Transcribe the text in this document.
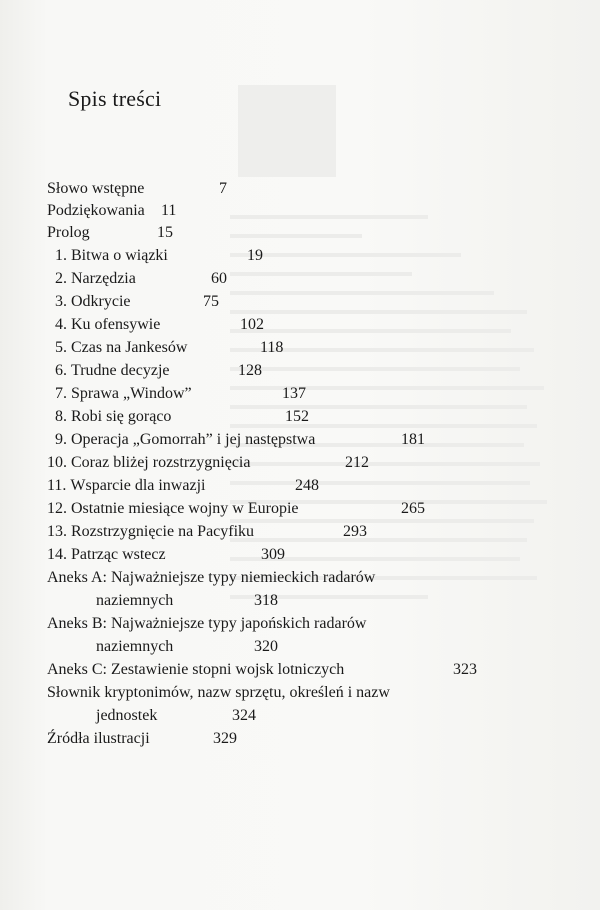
Spis treści
Słowo wstępne	7
Podziękowania 11
Prolog	15
1. Bitwa o wiązki	19
2. Narzędzia	60
3. Odkrycie	75
4. Ku ofensywie	102
5. Czas na Jankesów	118
6. Trudne decyzje	128
7. Sprawa „Window”	137
8. Robi się gorąco	152
9. Operacja „Gomorrah” i jej następstwa	181
10. Coraz bliżej rozstrzygnięcia	212
11. Wsparcie dla inwazji	248
12. Ostatnie miesiące wojny w Europie	265
13. Rozstrzygnięcie na Pacyfiku	293
14. Patrząc wstecz	309
Aneks A: Najważniejsze typy niemieckich radarów
naziemnych	318
Aneks B: Najważniejsze typy japońskich radarów
naziemnych	320
Aneks C: Zestawienie stopni wojsk lotniczych	323
Słownik kryptonimów, nazw sprzętu, określeń i nazw
jednostek	324
Źródła ilustracji	329
